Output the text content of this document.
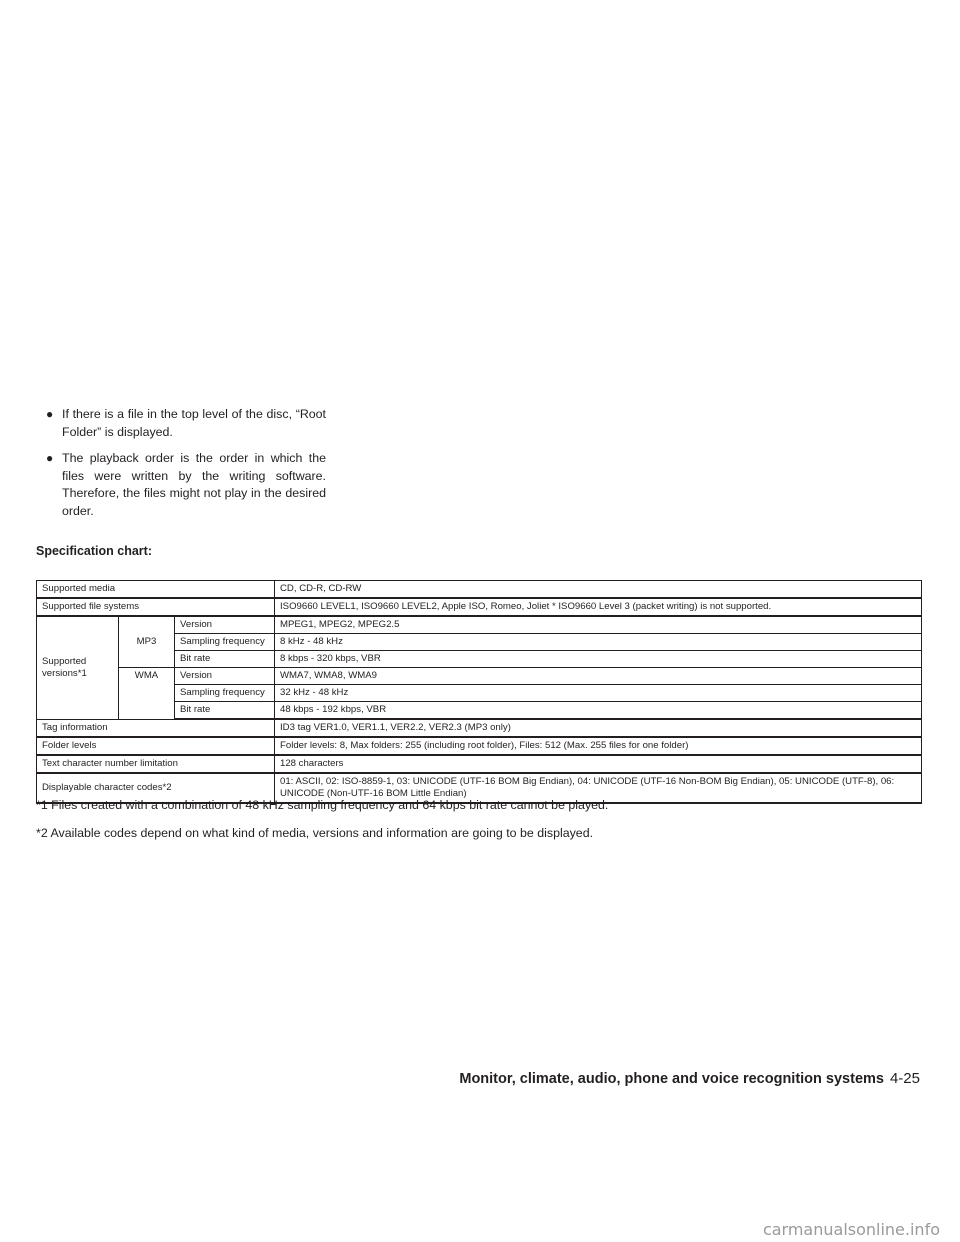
● If there is a file in the top level of the disc, “Root Folder” is displayed.
● The playback order is the order in which the files were written by the writing software. Therefore, the files might not play in the desired order.
Specification chart:
Supported media			CD, CD-R, CD-RW
Supported file systems			ISO9660 LEVEL1, ISO9660 LEVEL2, Apple ISO, Romeo, Joliet * ISO9660 Level 3 (packet writing) is not supported.
Supported versions*1	MP3	Version	MPEG1, MPEG2, MPEG2.5
		Sampling frequency	8 kHz - 48 kHz
		Bit rate	8 kbps - 320 kbps, VBR
	WMA	Version	WMA7, WMA8, WMA9
		Sampling frequency	32 kHz - 48 kHz
		Bit rate	48 kbps - 192 kbps, VBR
Tag information			ID3 tag VER1.0, VER1.1, VER2.2, VER2.3 (MP3 only)
Folder levels			Folder levels: 8, Max folders: 255 (including root folder), Files: 512 (Max. 255 files for one folder)
Text character number limitation			128 characters
Displayable character codes*2			01: ASCII, 02: ISO-8859-1, 03: UNICODE (UTF-16 BOM Big Endian), 04: UNICODE (UTF-16 Non-BOM Big Endian), 05: UNICODE (UTF-8), 06: UNICODE (Non-UTF-16 BOM Little Endian)
*1 Files created with a combination of 48 kHz sampling frequency and 64 kbps bit rate cannot be played.
*2 Available codes depend on what kind of media, versions and information are going to be displayed.
Monitor, climate, audio, phone and voice recognition systems 4-25
carmanualsonline.info
